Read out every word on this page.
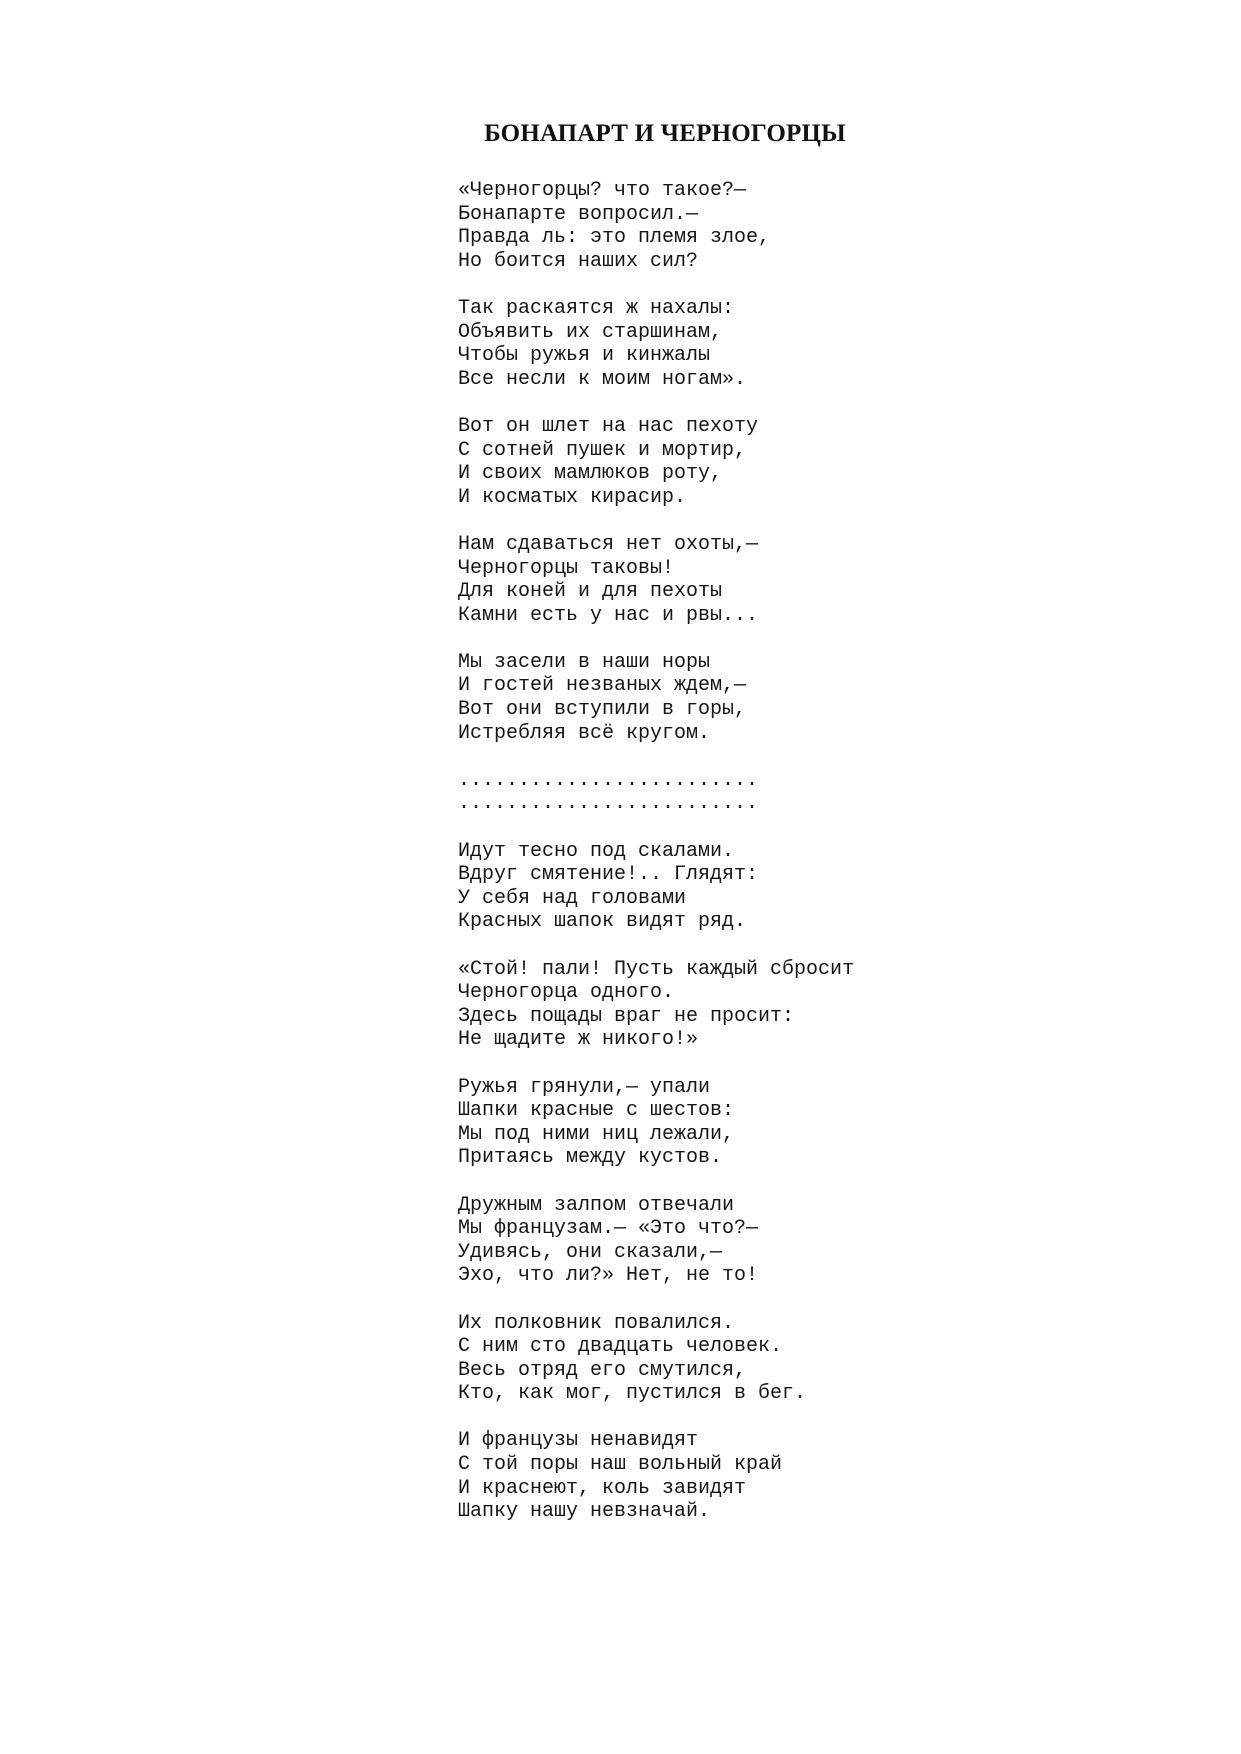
БОНАПАРТ И ЧЕРНОГОРЦЫ
«Черногорцы? что такое?—
Бонапарте вопросил.—
Правда ль: это племя злое,
Но боится наших сил?
Так раскаятся ж нахалы:
Объявить их старшинам,
Чтобы ружья и кинжалы
Все несли к моим ногам».
Вот он шлет на нас пехоту
С сотней пушек и мортир,
И своих мамлюков роту,
И косматых кирасир.
Нам сдаваться нет охоты,—
Черногорцы таковы!
Для коней и для пехоты
Камни есть у нас и рвы...
Мы засели в наши норы
И гостей незваных ждем,—
Вот они вступили в горы,
Истребляя всё кругом.
.........................
.........................
Идут тесно под скалами.
Вдруг смятение!.. Глядят:
У себя над головами
Красных шапок видят ряд.
«Стой! пали! Пусть каждый сбросит
Черногорца одного.
Здесь пощады враг не просит:
Не щадите ж никого!»
Ружья грянули,— упали
Шапки красные с шестов:
Мы под ними ниц лежали,
Притаясь между кустов.
Дружным залпом отвечали
Мы французам.— «Это что?—
Удивясь, они сказали,—
Эхо, что ли?» Нет, не то!
Их полковник повалился.
С ним сто двадцать человек.
Весь отряд его смутился,
Кто, как мог, пустился в бег.
И французы ненавидят
С той поры наш вольный край
И краснеют, коль завидят
Шапку нашу невзначай.
